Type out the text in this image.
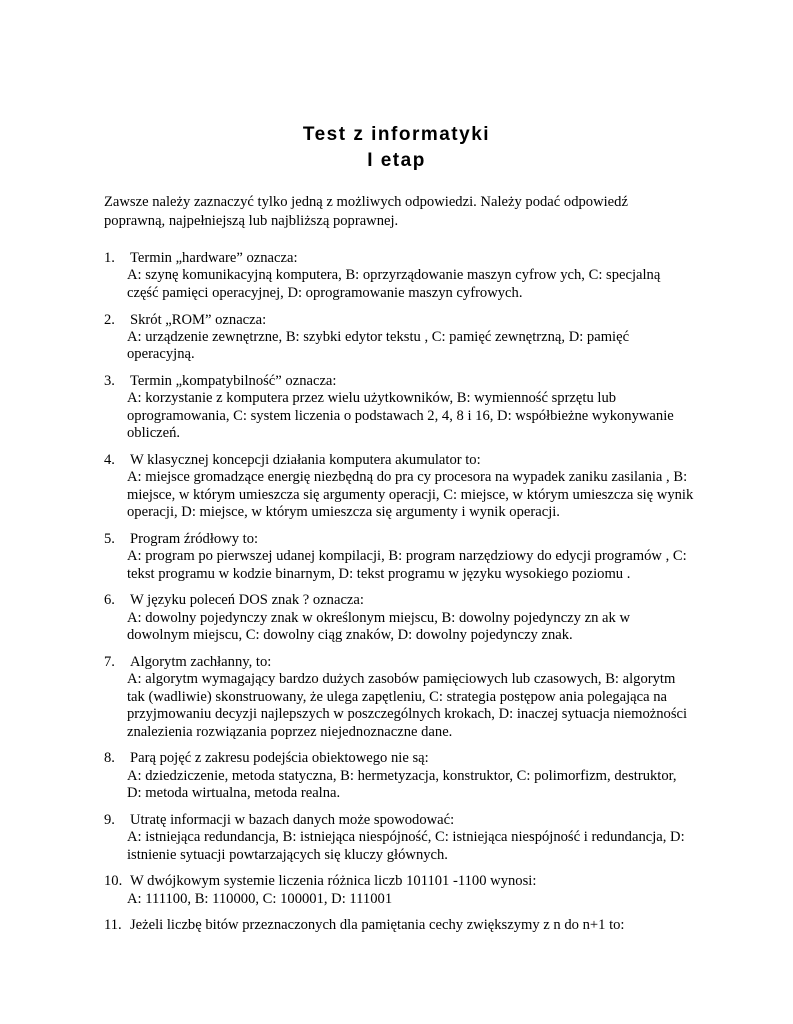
Test z informatyki
I etap
Zawsze należy zaznaczyć tylko jedną z możliwych odpowiedzi. Należy podać odpowiedź poprawną, najpełniejszą lub najbliższą poprawnej.
1. Termin „hardware” oznacza:
A: szynę komunikacyjną komputera, B: oprzyrządowanie maszyn cyfrow ych, C: specjalną część pamięci operacyjnej, D: oprogramowanie maszyn cyfrowych.
2. Skrót „ROM” oznacza:
A: urządzenie zewnętrzne, B: szybki edytor tekstu , C: pamięć zewnętrzną, D: pamięć operacyjną.
3. Termin „kompatybilność” oznacza:
A: korzystanie z komputera przez wielu użytkowników, B: wymienność sprzętu lub oprogramowania, C: system liczenia o podstawach 2, 4, 8 i 16, D: współbieżne wykonywanie obliczeń.
4. W klasycznej koncepcji działania komputera akumulator to:
A: miejsce gromadzące energię niezbędną do pra cy procesora na wypadek zaniku zasilania , B: miejsce, w którym umieszcza się argumenty operacji, C: miejsce, w którym umieszcza się wynik operacji, D: miejsce, w którym umieszcza się argumenty i wynik operacji.
5. Program źródłowy to:
A: program po pierwszej udanej kompilacji, B: program narzędziowy do edycji programów , C: tekst programu w kodzie binarnym, D: tekst programu w języku wysokiego poziomu .
6. W języku poleceń DOS znak ? oznacza:
A: dowolny pojedynczy znak w określonym miejscu, B: dowolny pojedynczy zn ak w dowolnym miejscu, C: dowolny ciąg znaków, D: dowolny pojedynczy znak.
7. Algorytm zachłanny, to:
A: algorytm wymagający bardzo dużych zasobów pamięciowych lub czasowych, B: algorytm tak (wadliwie) skonstruowany, że ulega zapętleniu, C: strategia postępow ania polegająca na przyjmowaniu decyzji najlepszych w poszczególnych krokach, D: inaczej sytuacja niemożności znalezienia rozwiązania poprzez niejednoznaczne dane.
8. Parą pojęć z zakresu podejścia obiektowego nie są:
A: dziedziczenie, metoda statyczna, B: hermetyzacja, konstruktor, C: polimorfizm, destruktor, D: metoda wirtualna, metoda realna.
9. Utratę informacji w bazach danych może spowodować:
A: istniejąca redundancja, B: istniejąca niespójność, C: istniejąca niespójność i redundancja, D: istnienie sytuacji powtarzających się kluczy głównych.
10. W dwójkowym systemie liczenia różnica liczb 101101 -1100 wynosi:
A: 111100, B: 110000, C: 100001, D: 111001
11. Jeżeli liczbę bitów przeznaczonych dla pamiętania cechy zwiększymy z n do n+1 to:
